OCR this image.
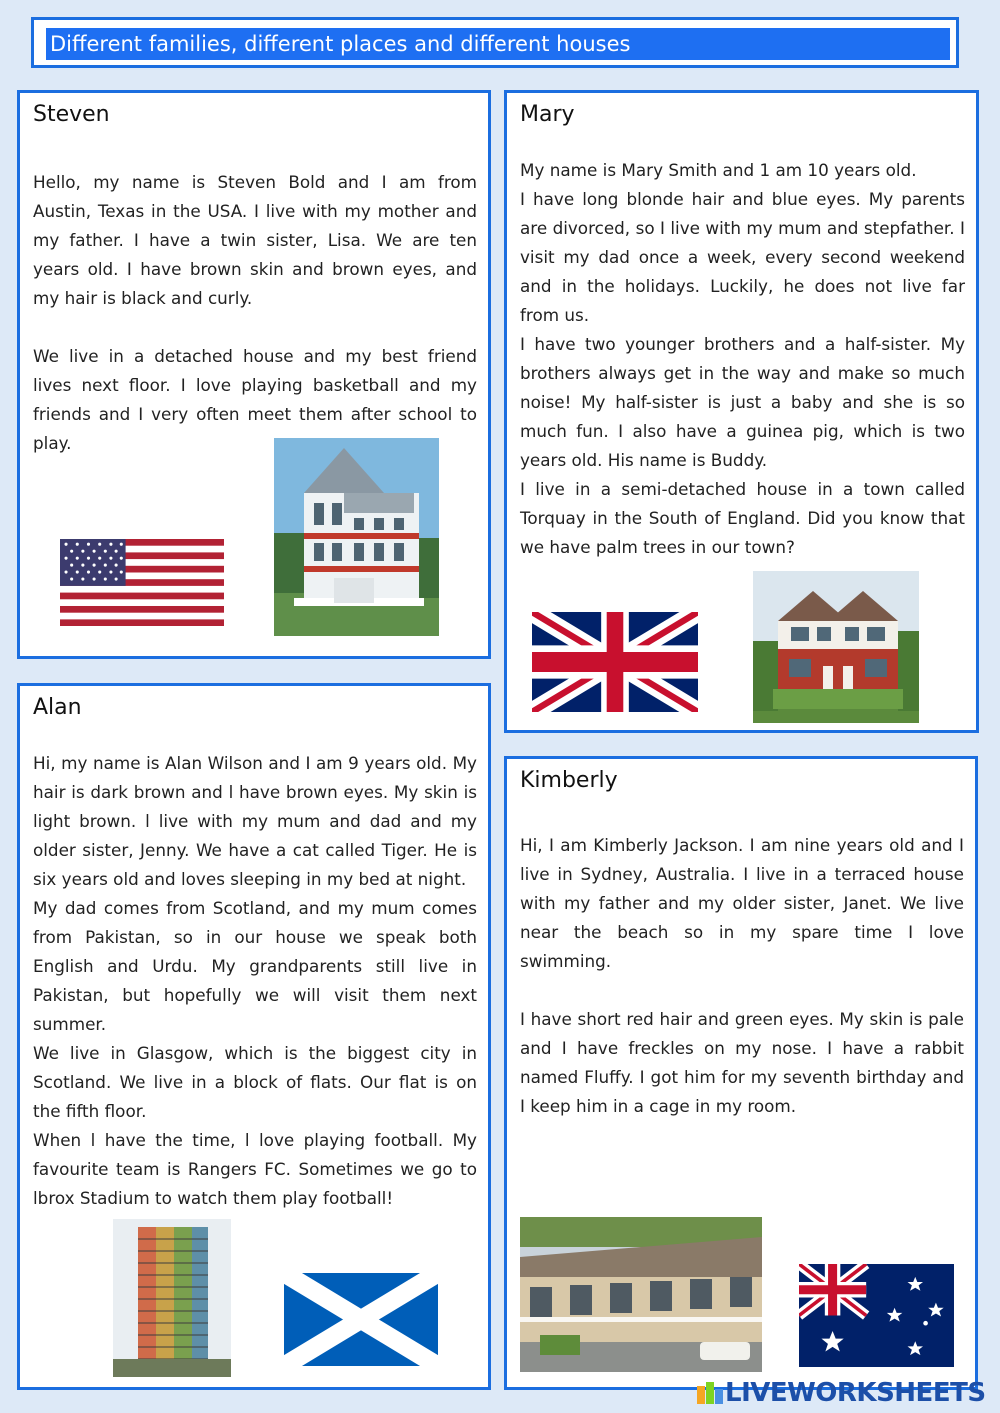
Different families, different places and different houses
Steven

Hello, my name is Steven Bold and I am from Austin, Texas in the USA. I live with my mother and my father. I have a twin sister, Lisa. We are ten years old. I have brown skin and brown eyes, and my hair is black and curly.

We live in a detached house and my best friend lives next floor. I love playing basketball and my friends and I very often meet them after school to play.

Mary

My name is Mary Smith and 1 am 10 years old.

I have long blonde hair and blue eyes. My parents are divorced, so I live with my mum and stepfather. I visit my dad once a week, every second weekend and in the holidays. Luckily, he does not live far from us.

I have two younger brothers and a half-sister. My brothers always get in the way and make so much noise! My half-sister is just a baby and she is so much fun. I also have a guinea pig, which is two years old. His name is Buddy.

I live in a semi-detached house in a town called Torquay in the South of England. Did you know that we have palm trees in our town?

Alan

Hi, my name is Alan Wilson and I am 9 years old. My hair is dark brown and l have brown eyes. My skin is light brown. l live with my mum and dad and my older sister, Jenny. We have a cat called Tiger. He is six years old and loves sleeping in my bed at night.

My dad comes from Scotland, and my mum comes from Pakistan, so in our house we speak both English and Urdu. My grandparents still live in Pakistan, but hopefully we will visit them next summer.

We live in Glasgow, which is the biggest city in Scotland. We live in a block of flats. Our flat is on the fifth floor.

When l have the time, l love playing football. My favourite team is Rangers FC. Sometimes we go to lbrox Stadium to watch them play football!

Kimberly

Hi, I am Kimberly Jackson. I am nine years old and I live in Sydney, Australia. I live in a terraced house with my father and my older sister, Janet. We live near the beach so in my spare time I love swimming.

I have short red hair and green eyes. My skin is pale and I have freckles on my nose. I have a rabbit named Fluffy. I got him for my seventh birthday and I keep him in a cage in my room.

LIVEWORKSHEETS
